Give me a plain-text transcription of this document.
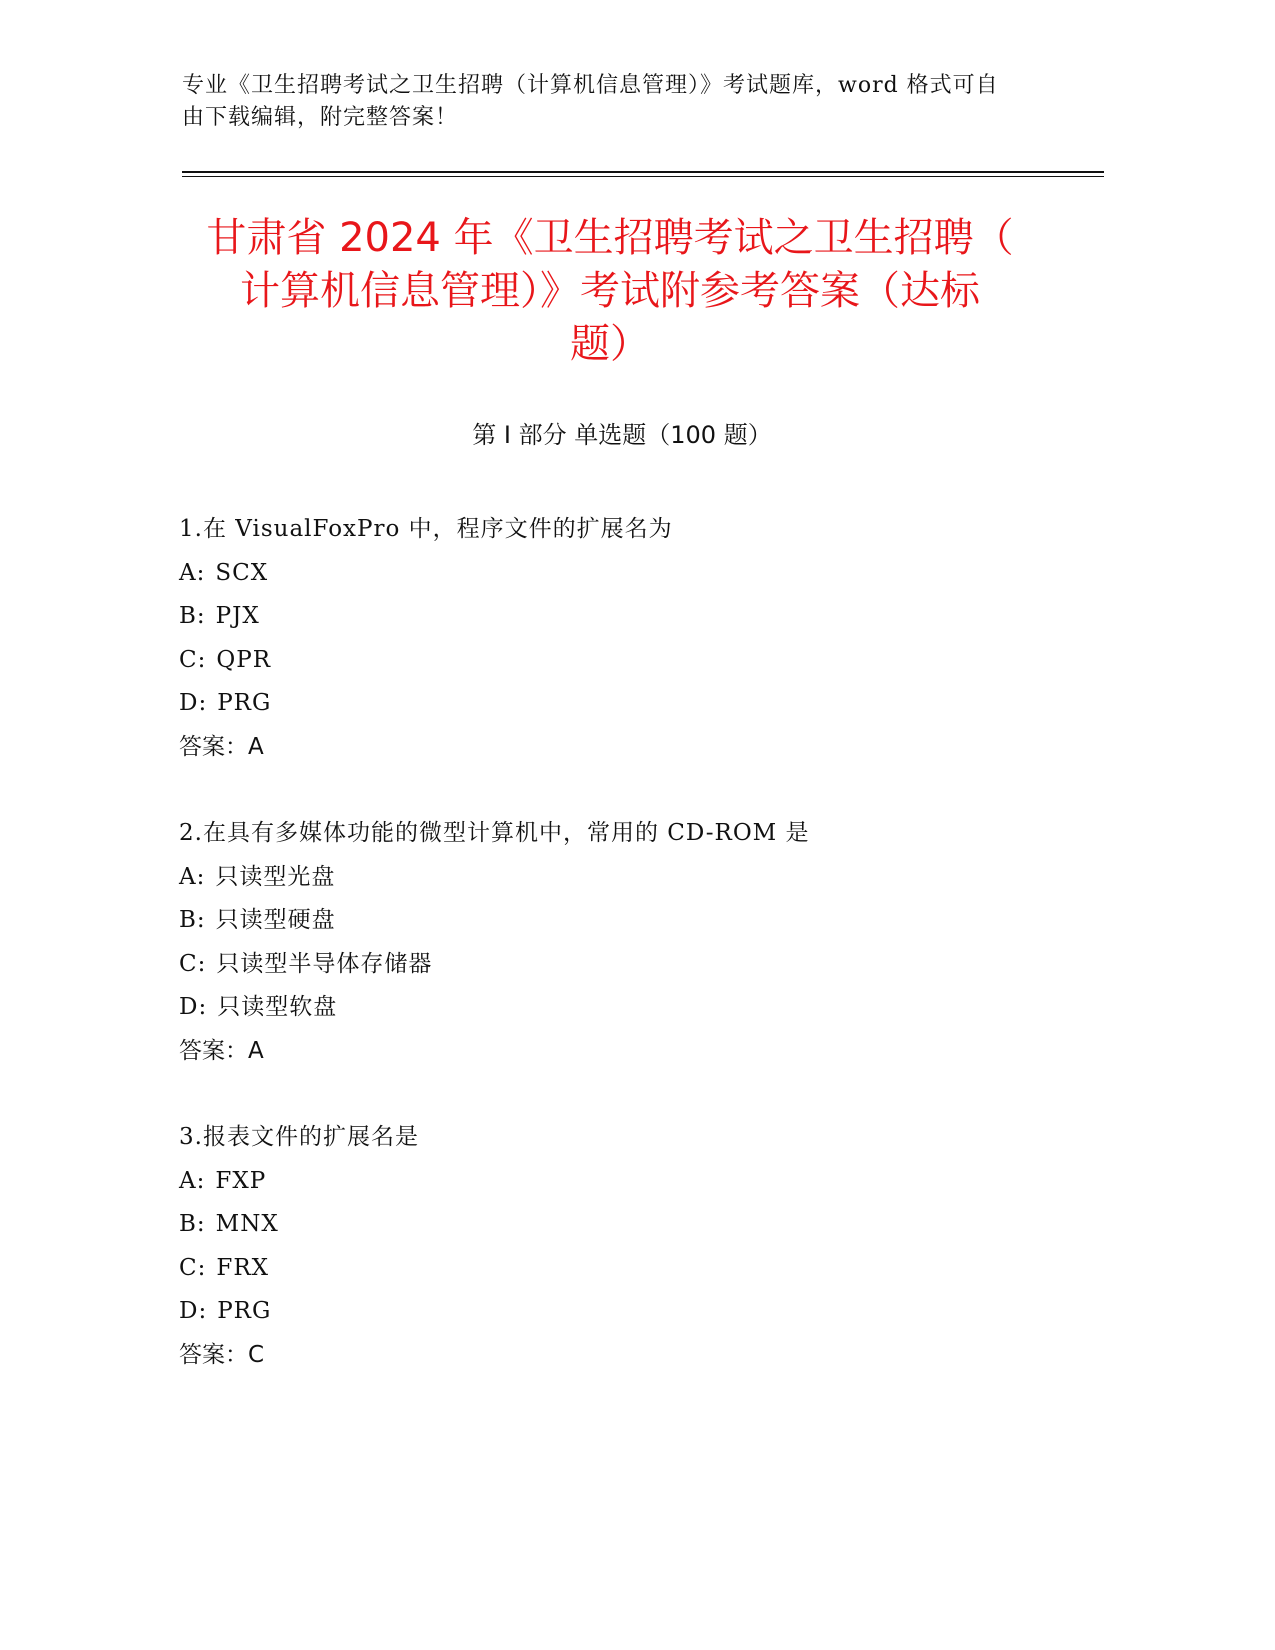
专业《卫生招聘考试之卫生招聘（计算机信息管理）》考试题库，word 格式可自
由下载编辑，附完整答案！
甘肃省 2024 年《卫生招聘考试之卫生招聘（
计算机信息管理）》考试附参考答案（达标
题）
第 I 部分 单选题（100 题）
1.在 VisualFoxPro 中，程序文件的扩展名为
A: SCX
B: PJX
C: QPR
D: PRG
答案：A
2.在具有多媒体功能的微型计算机中，常用的 CD-ROM 是
A: 只读型光盘
B: 只读型硬盘
C: 只读型半导体存储器
D: 只读型软盘
答案：A
3.报表文件的扩展名是
A: FXP
B: MNX
C: FRX
D: PRG
答案：C
